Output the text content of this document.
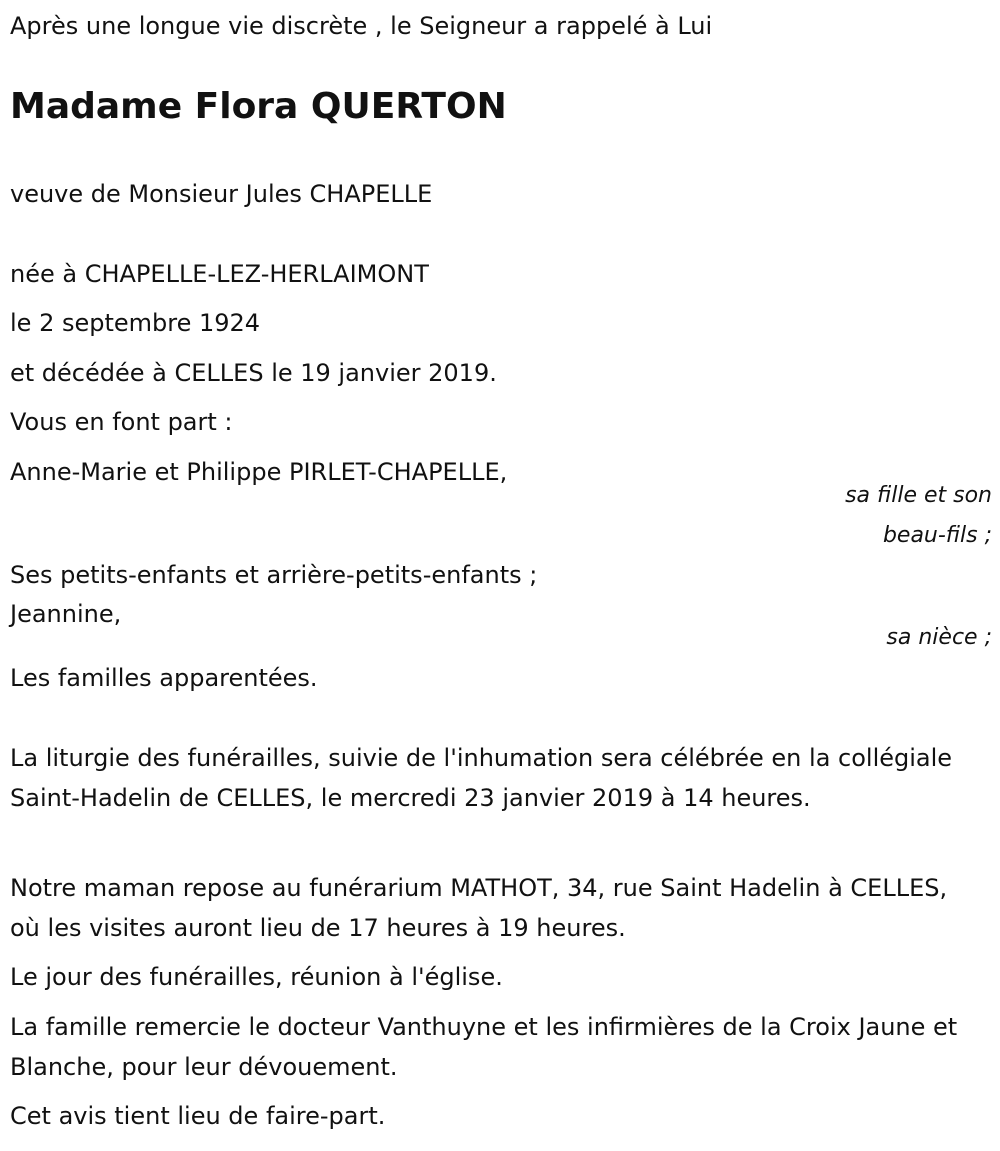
Après une longue vie discrète , le Seigneur a rappelé à Lui

Madame Flora QUERTON

veuve de Monsieur Jules CHAPELLE

née à CHAPELLE-LEZ-HERLAIMONT

le 2 septembre 1924

et décédée à CELLES le 19 janvier 2019.

Vous en font part :

Anne-Marie et Philippe PIRLET-CHAPELLE,

sa fille et son

beau-fils ;

Ses petits-enfants et arrière-petits-enfants ;

Jeannine,

sa nièce ;

Les familles apparentées.

La liturgie des funérailles, suivie de l'inhumation sera célébrée en la collégiale Saint-Hadelin de CELLES, le mercredi 23 janvier 2019 à 14 heures.

Notre maman repose au funérarium MATHOT, 34, rue Saint Hadelin à CELLES, où les visites auront lieu de 17 heures à 19 heures.

Le jour des funérailles, réunion à l'église.

La famille remercie le docteur Vanthuyne et les infirmières de la Croix Jaune et Blanche, pour leur dévouement.

Cet avis tient lieu de faire-part.
